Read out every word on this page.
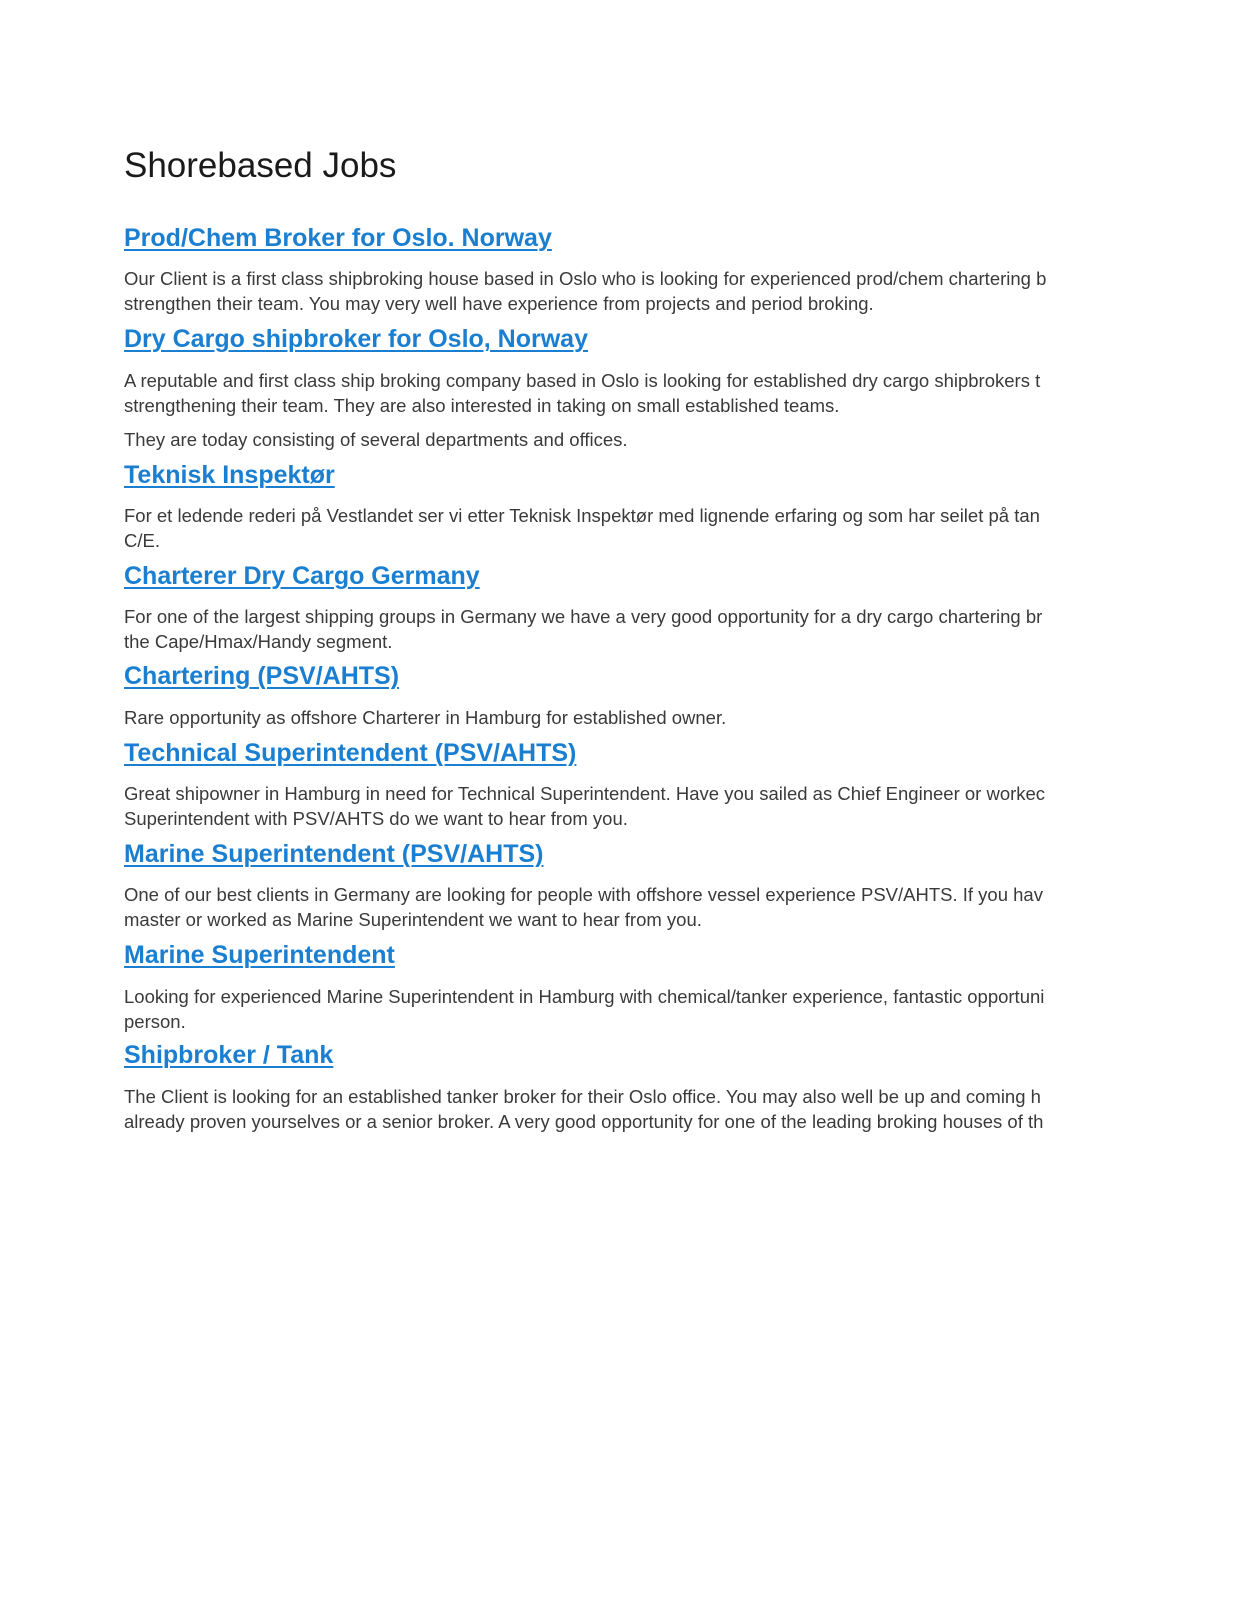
Shorebased Jobs
Prod/Chem Broker for Oslo. Norway
Our Client is a first class shipbroking house based in Oslo who is looking for experienced prod/chem chartering b
strengthen their team. You may very well have experience from projects and period broking.
Dry Cargo shipbroker for Oslo, Norway
A reputable and first class ship broking company based in Oslo is looking for established dry cargo shipbrokers t
strengthening their team. They are also interested in taking on small established teams.
They are today consisting of several departments and offices.
Teknisk Inspektør
For et ledende rederi på Vestlandet ser vi etter Teknisk Inspektør med lignende erfaring og som har seilet på tan
C/E.
Charterer Dry Cargo Germany
For one of the largest shipping groups in Germany we have a very good opportunity for a dry cargo chartering br
the Cape/Hmax/Handy segment.
Chartering (PSV/AHTS)
Rare opportunity as offshore Charterer in Hamburg for established owner.
Technical Superintendent (PSV/AHTS)
Great shipowner in Hamburg in need for Technical Superintendent. Have you sailed as Chief Engineer or workec
Superintendent with PSV/AHTS do we want to hear from you.
Marine Superintendent (PSV/AHTS)
One of our best clients in Germany are looking for people with offshore vessel experience PSV/AHTS. If you hav
master or worked as Marine Superintendent we want to hear from you.
Marine Superintendent
Looking for experienced Marine Superintendent in Hamburg with chemical/tanker experience, fantastic opportuni
person.
Shipbroker / Tank
The Client is looking for an established tanker broker for their Oslo office. You may also well be up and coming h
already proven yourselves or a senior broker. A very good opportunity for one of the leading broking houses of th
